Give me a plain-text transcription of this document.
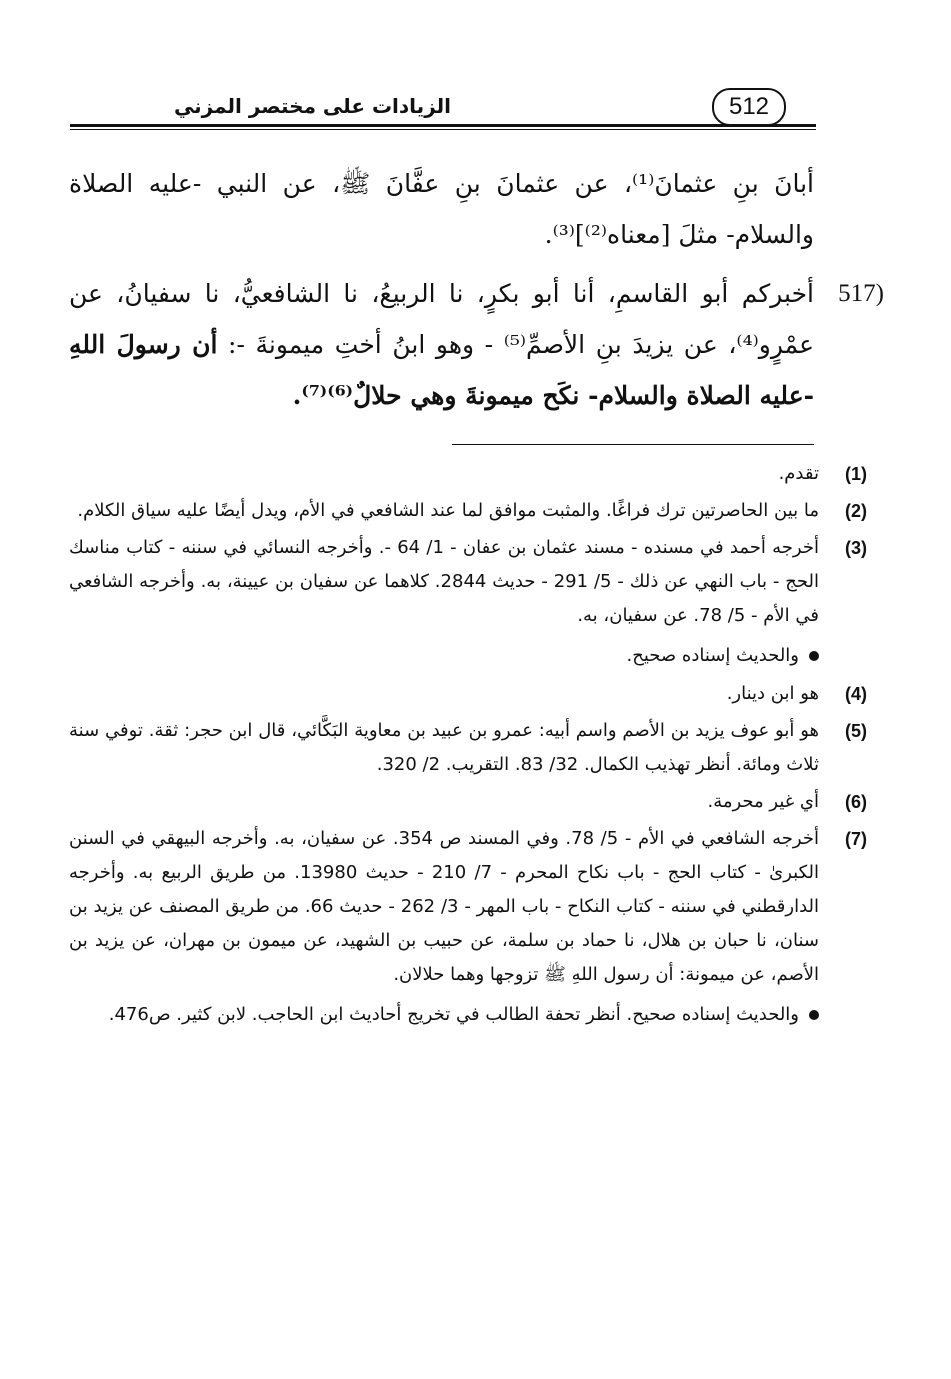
الزيادات على مختصر المزني	512

أبانَ بنِ عثمانَ⁽¹⁾، عن عثمانَ بنِ عفَّانَ ﷺ، عن النبي -عليه الصلاة والسلام- مثلَ [معناه⁽²⁾]⁽³⁾.

517)
أخبركم أبو القاسمِ، أنا أبو بكرٍ، نا الربيعُ، نا الشافعيُّ، نا سفيانُ، عن عمْرٍو⁽⁴⁾، عن يزيدَ بنِ الأصمِّ⁽⁵⁾ - وهو ابنُ أختِ ميمونةَ -: أن رسولَ اللهِ -عليه الصلاة والسلام- نكَح ميمونةَ وهي حلالٌ⁽⁶⁾⁽⁷⁾.

(1)
تقدم.

(2)
ما بين الحاصرتين ترك فراغًا. والمثبت موافق لما عند الشافعي في الأم، ويدل أيضًا عليه سياق الكلام.

(3)
أخرجه أحمد في مسنده - مسند عثمان بن عفان - 1/ 64 -. وأخرجه النسائي في سننه - كتاب مناسك الحج - باب النهي عن ذلك - 5/ 291 - حديث 2844. كلاهما عن سفيان بن عيينة، به. وأخرجه الشافعي في الأم - 5/ 78. عن سفيان، به.

والحديث إسناده صحيح.

(4)
هو ابن دينار.

(5)
هو أبو عوف يزيد بن الأصم واسم أبيه: عمرو بن عبيد بن معاوية البَكَّائي، قال ابن حجر: ثقة. توفي سنة ثلاث ومائة. أنظر تهذيب الكمال. 32/ 83. التقريب. 2/ 320.

(6)
أي غير محرمة.

(7)
أخرجه الشافعي في الأم - 5/ 78. وفي المسند ص 354. عن سفيان، به. وأخرجه البيهقي في السنن الكبرىٰ - كتاب الحج - باب نكاح المحرم - 7/ 210 - حديث 13980. من طريق الربيع به. وأخرجه الدارقطني في سننه - كتاب النكاح - باب المهر - 3/ 262 - حديث 66. من طريق المصنف عن يزيد بن سنان، نا حبان بن هلال، نا حماد بن سلمة، عن حبيب بن الشهيد، عن ميمون بن مهران، عن يزيد بن الأصم، عن ميمونة: أن رسول اللهِ ﷺ تزوجها وهما حلالان.

والحديث إسناده صحيح. أنظر تحفة الطالب في تخريج أحاديث ابن الحاجب. لابن كثير. ص476.
